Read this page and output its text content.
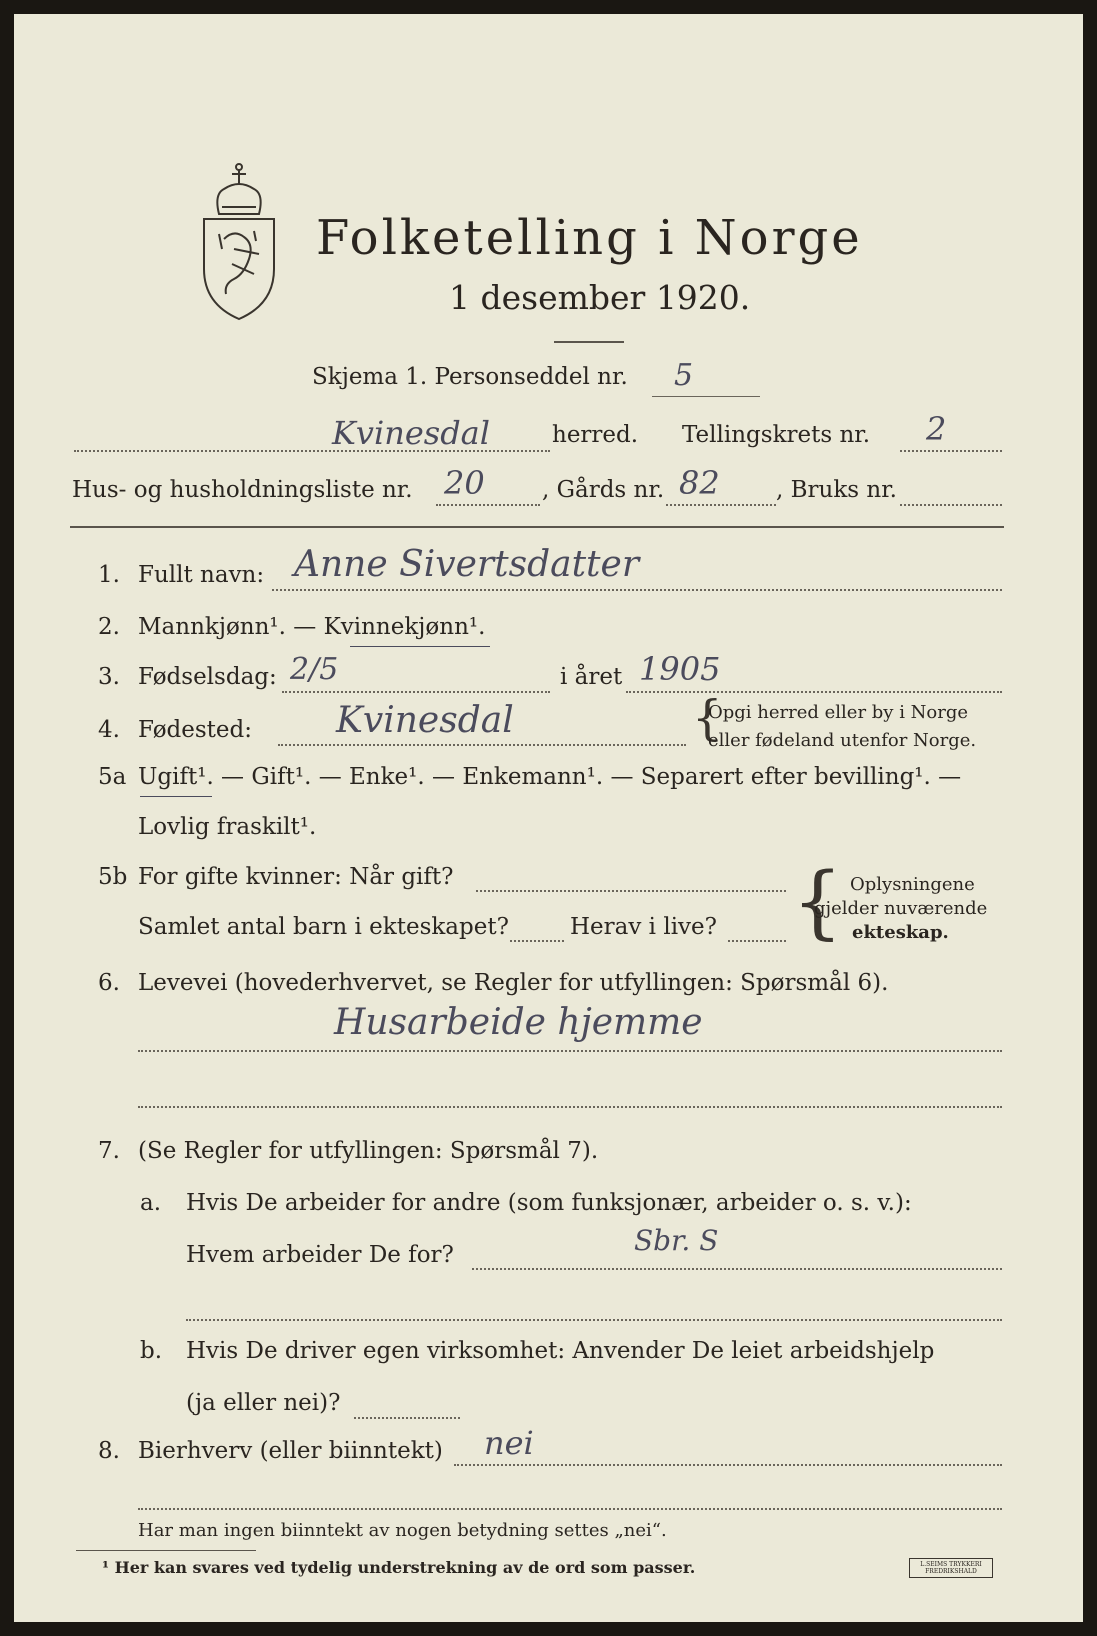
Folketelling i Norge
1 desember 1920.
Skjema 1. Personseddel nr. 5
Kvinesdal	herred. Tellingskrets nr. 2
Hus- og husholdningsliste nr. 20 , Gårds nr. 82 , Bruks nr.
1. Fullt navn: Anne Sivertsdatter
2. Mannkjønn¹. — Kvinnekjønn¹.
3. Fødselsdag: 2/5	i året 1905
4. Fødested: Kvinesdal	{
Opgi herred eller by i Norge
eller fødeland utenfor Norge.
5a Ugift¹. — Gift¹. — Enke¹. — Enkemann¹. — Separert efter bevilling¹. —
Lovlig fraskilt¹.
5b For gifte kvinner: Når gift?
Samlet antal barn i ekteskapet?	Herav i live? { Oplysningene
gjelder nuværende
ekteskap.
6. Levevei (hovederhvervet, se Regler for utfyllingen: Spørsmål 6).
Husarbeide hjemme
7. (Se Regler for utfyllingen: Spørsmål 7).
a. Hvis De arbeider for andre (som funksjonær, arbeider o. s. v.):
Hvem arbeider De for?	Sbr. S
b. Hvis De driver egen virksomhet: Anvender De leiet arbeidshjelp
(ja eller nei)?
8. Bierhverv (eller biinntekt) nei
Har man ingen biinntekt av nogen betydning settes „nei“.
¹ Her kan svares ved tydelig understrekning av de ord som passer.	L.SEIMS TRYKKERI FREDRIKSHALD
